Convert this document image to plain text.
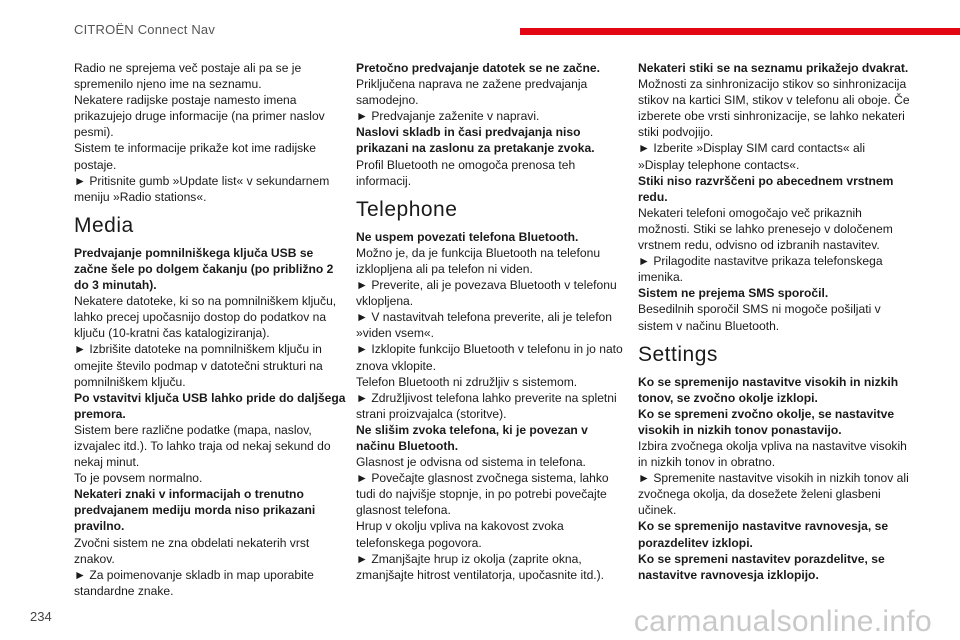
CITROËN Connect Nav
Radio ne sprejema več postaje ali pa se je spremenilo njeno ime na seznamu.
Nekatere radijske postaje namesto imena prikazujejo druge informacije (na primer naslov pesmi).
Sistem te informacije prikaže kot ime radijske postaje.
► Pritisnite gumb »Update list« v sekundarnem meniju »Radio stations«.
Media
Predvajanje pomnilniškega ključa USB se začne šele po dolgem čakanju (po približno 2 do 3 minutah).
Nekatere datoteke, ki so na pomnilniškem ključu, lahko precej upočasnijo dostop do podatkov na ključu (10-kratni čas katalogiziranja).
► Izbrišite datoteke na pomnilniškem ključu in omejite število podmap v datotečni strukturi na pomnilniškem ključu.
Po vstavitvi ključa USB lahko pride do daljšega premora.
Sistem bere različne podatke (mapa, naslov, izvajalec itd.). To lahko traja od nekaj sekund do nekaj minut.
To je povsem normalno.
Nekateri znaki v informacijah o trenutno predvajanem mediju morda niso prikazani pravilno.
Zvočni sistem ne zna obdelati nekaterih vrst znakov.
► Za poimenovanje skladb in map uporabite standardne znake.
Pretočno predvajanje datotek se ne začne.
Priključena naprava ne zažene predvajanja samodejno.
► Predvajanje zaženite v napravi.
Naslovi skladb in časi predvajanja niso prikazani na zaslonu za pretakanje zvoka.
Profil Bluetooth ne omogoča prenosa teh informacij.
Telephone
Ne uspem povezati telefona Bluetooth.
Možno je, da je funkcija Bluetooth na telefonu izklopljena ali pa telefon ni viden.
► Preverite, ali je povezava Bluetooth v telefonu vklopljena.
► V nastavitvah telefona preverite, ali je telefon »viden vsem«.
► Izklopite funkcijo Bluetooth v telefonu in jo nato znova vklopite.
Telefon Bluetooth ni združljiv s sistemom.
► Združljivost telefona lahko preverite na spletni strani proizvajalca (storitve).
Ne slišim zvoka telefona, ki je povezan v načinu Bluetooth.
Glasnost je odvisna od sistema in telefona.
► Povečajte glasnost zvočnega sistema, lahko tudi do najvišje stopnje, in po potrebi povečajte glasnost telefona.
Hrup v okolju vpliva na kakovost zvoka telefonskega pogovora.
► Zmanjšajte hrup iz okolja (zaprite okna, zmanjšajte hitrost ventilatorja, upočasnite itd.).
Nekateri stiki se na seznamu prikažejo dvakrat.
Možnosti za sinhronizacijo stikov so sinhronizacija stikov na kartici SIM, stikov v telefonu ali oboje. Če izberete obe vrsti sinhronizacije, se lahko nekateri stiki podvojijo.
► Izberite »Display SIM card contacts« ali »Display telephone contacts«.
Stiki niso razvrščeni po abecednem vrstnem redu.
Nekateri telefoni omogočajo več prikaznih možnosti. Stiki se lahko prenesejo v določenem vrstnem redu, odvisno od izbranih nastavitev.
► Prilagodite nastavitve prikaza telefonskega imenika.
Sistem ne prejema SMS sporočil.
Besedilnih sporočil SMS ni mogoče pošiljati v sistem v načinu Bluetooth.
Settings
Ko se spremenijo nastavitve visokih in nizkih tonov, se zvočno okolje izklopi.
Ko se spremeni zvočno okolje, se nastavitve visokih in nizkih tonov ponastavijo.
Izbira zvočnega okolja vpliva na nastavitve visokih in nizkih tonov in obratno.
► Spremenite nastavitve visokih in nizkih tonov ali zvočnega okolja, da dosežete želeni glasbeni učinek.
Ko se spremenijo nastavitve ravnovesja, se porazdelitev izklopi.
Ko se spremeni nastavitev porazdelitve, se nastavitve ravnovesja izklopijo.
234	carmanualsonline.info
